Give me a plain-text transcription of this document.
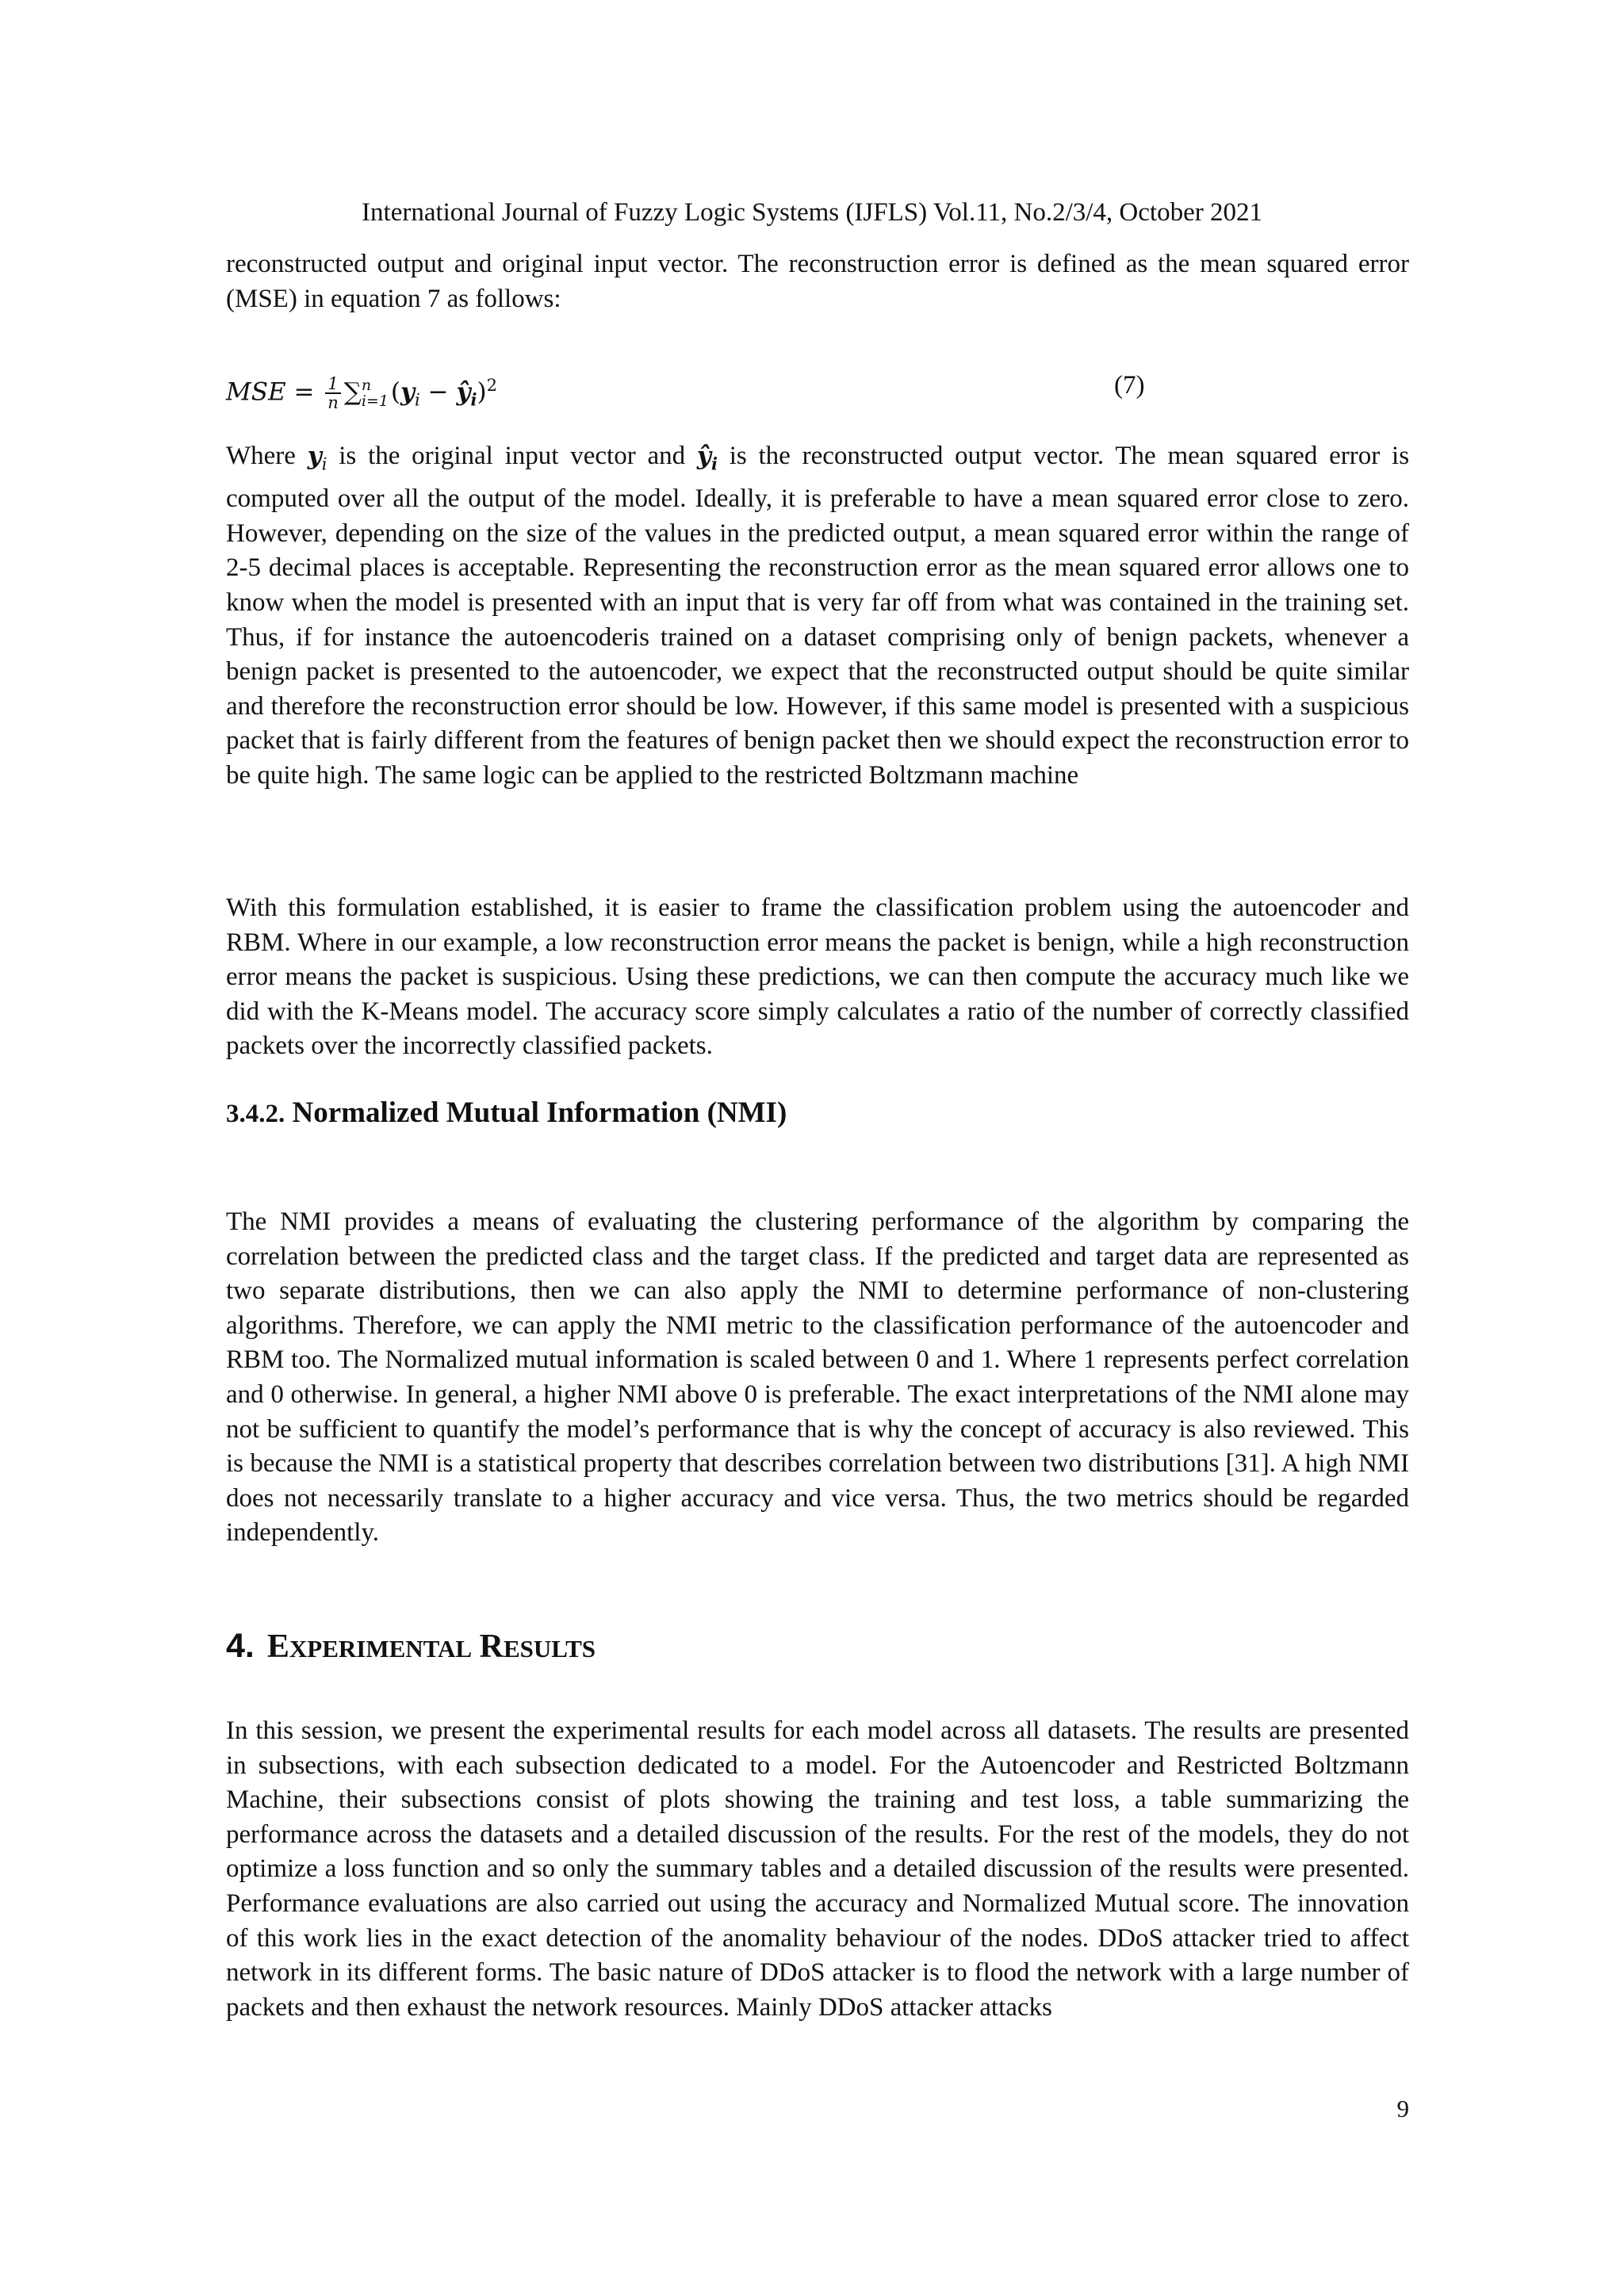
International Journal of Fuzzy Logic Systems (IJFLS) Vol.11, No.2/3/4, October 2021

reconstructed output and original input vector. The reconstruction error is defined as the mean squared error (MSE) in equation 7 as follows:

MSE = $\frac{1}{n}$ ∑ n
i=1 ($y_i$ − $ŷ_i)^2$	(7)

Where $y_i$ is the original input vector and $ŷ_i$ is the reconstructed output vector. The mean squared error is computed over all the output of the model. Ideally, it is preferable to have a mean squared error close to zero. However, depending on the size of the values in the predicted output, a mean squared error within the range of 2-5 decimal places is acceptable. Representing the reconstruction error as the mean squared error allows one to know when the model is presented with an input that is very far off from what was contained in the training set. Thus, if for instance the autoencoderis trained on a dataset comprising only of benign packets, whenever a benign packet is presented to the autoencoder, we expect that the reconstructed output should be quite similar and therefore the reconstruction error should be low. However, if this same model is presented with a suspicious packet that is fairly different from the features of benign packet then we should expect the reconstruction error to be quite high. The same logic can be applied to the restricted Boltzmann machine

With this formulation established, it is easier to frame the classification problem using the autoencoder and RBM. Where in our example, a low reconstruction error means the packet is benign, while a high reconstruction error means the packet is suspicious. Using these predictions, we can then compute the accuracy much like we did with the K-Means model. The accuracy score simply calculates a ratio of the number of correctly classified packets over the incorrectly classified packets.

3.4.2. Normalized Mutual Information (NMI)

The NMI provides a means of evaluating the clustering performance of the algorithm by comparing the correlation between the predicted class and the target class. If the predicted and target data are represented as two separate distributions, then we can also apply the NMI to determine performance of non-clustering algorithms. Therefore, we can apply the NMI metric to the classification performance of the autoencoder and RBM too. The Normalized mutual information is scaled between 0 and 1. Where 1 represents perfect correlation and 0 otherwise. In general, a higher NMI above 0 is preferable. The exact interpretations of the NMI alone may not be sufficient to quantify the model’s performance that is why the concept of accuracy is also reviewed. This is because the NMI is a statistical property that describes correlation between two distributions [31]. A high NMI does not necessarily translate to a higher accuracy and vice versa. Thus, the two metrics should be regarded independently.

4. EXPERIMENTAL RESULTS

In this session, we present the experimental results for each model across all datasets. The results are presented in subsections, with each subsection dedicated to a model. For the Autoencoder and Restricted Boltzmann Machine, their subsections consist of plots showing the training and test loss, a table summarizing the performance across the datasets and a detailed discussion of the results. For the rest of the models, they do not optimize a loss function and so only the summary tables and a detailed discussion of the results were presented. Performance evaluations are also carried out using the accuracy and Normalized Mutual score. The innovation of this work lies in the exact detection of the anomality behaviour of the nodes. DDoS attacker tried to affect network in its different forms. The basic nature of DDoS attacker is to flood the network with a large number of packets and then exhaust the network resources. Mainly DDoS attacker attacks

9
